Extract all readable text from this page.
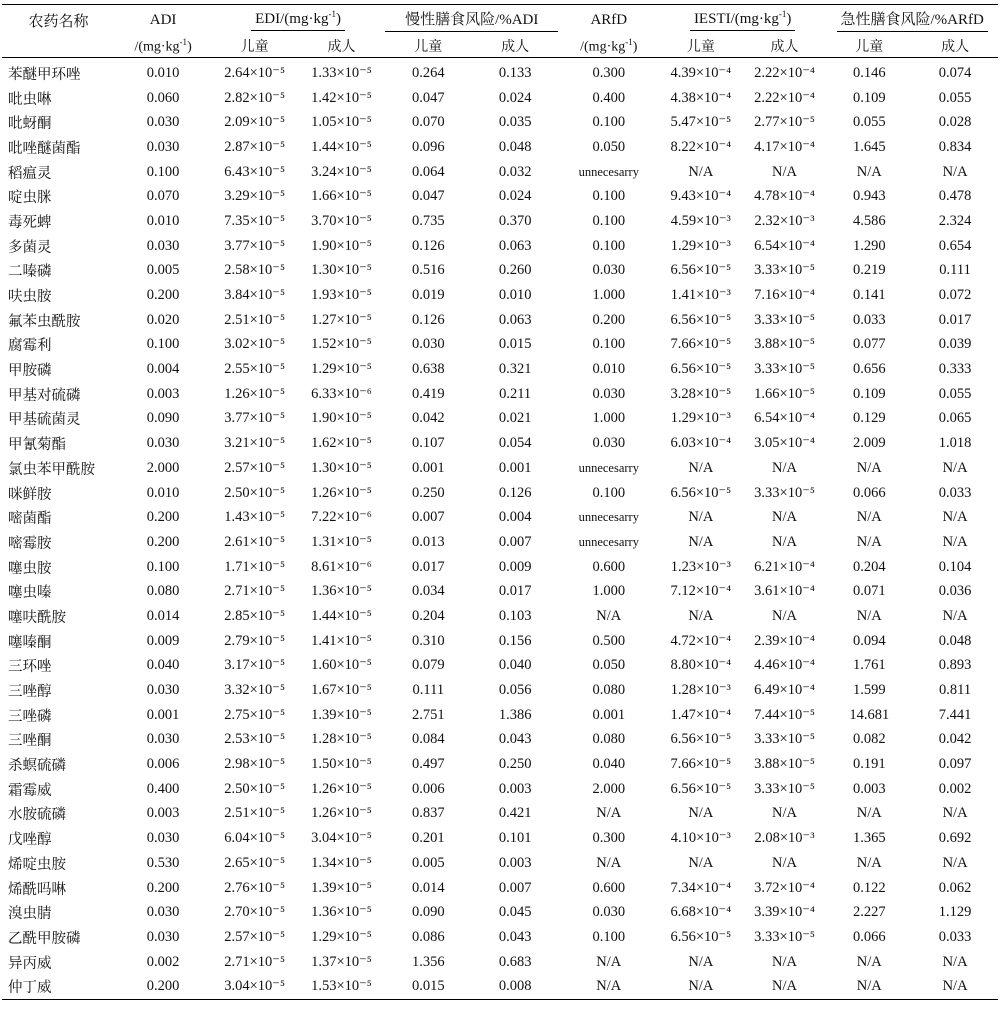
农药名称	ADI	EDI/$(mg\cdot kg^{-1})$		慢性膳食风险/%ADI		ARfD	IESTI/$(mg\cdot kg^{-1})$		急性膳食风险/%ARfD	
	$/(mg\cdot kg^{-1})$	儿童	成人	儿童	成人	$/(mg\cdot kg^{-1})$	儿童	成人	儿童	成人
苯醚甲环唑	0.010	2.64×10⁻⁵	1.33×10⁻⁵	0.264	0.133	0.300	4.39×10⁻⁴	2.22×10⁻⁴	0.146	0.074
吡虫啉	0.060	2.82×10⁻⁵	1.42×10⁻⁵	0.047	0.024	0.400	4.38×10⁻⁴	2.22×10⁻⁴	0.109	0.055
吡蚜酮	0.030	2.09×10⁻⁵	1.05×10⁻⁵	0.070	0.035	0.100	5.47×10⁻⁵	2.77×10⁻⁵	0.055	0.028
吡唑醚菌酯	0.030	2.87×10⁻⁵	1.44×10⁻⁵	0.096	0.048	0.050	8.22×10⁻⁴	4.17×10⁻⁴	1.645	0.834
稻瘟灵	0.100	6.43×10⁻⁵	3.24×10⁻⁵	0.064	0.032	unnecesarry	N/A	N/A	N/A	N/A
啶虫脒	0.070	3.29×10⁻⁵	1.66×10⁻⁵	0.047	0.024	0.100	9.43×10⁻⁴	4.78×10⁻⁴	0.943	0.478
毒死蜱	0.010	7.35×10⁻⁵	3.70×10⁻⁵	0.735	0.370	0.100	4.59×10⁻³	2.32×10⁻³	4.586	2.324
多菌灵	0.030	3.77×10⁻⁵	1.90×10⁻⁵	0.126	0.063	0.100	1.29×10⁻³	6.54×10⁻⁴	1.290	0.654
二嗪磷	0.005	2.58×10⁻⁵	1.30×10⁻⁵	0.516	0.260	0.030	6.56×10⁻⁵	3.33×10⁻⁵	0.219	0.111
呋虫胺	0.200	3.84×10⁻⁵	1.93×10⁻⁵	0.019	0.010	1.000	1.41×10⁻³	7.16×10⁻⁴	0.141	0.072
氟苯虫酰胺	0.020	2.51×10⁻⁵	1.27×10⁻⁵	0.126	0.063	0.200	6.56×10⁻⁵	3.33×10⁻⁵	0.033	0.017
腐霉利	0.100	3.02×10⁻⁵	1.52×10⁻⁵	0.030	0.015	0.100	7.66×10⁻⁵	3.88×10⁻⁵	0.077	0.039
甲胺磷	0.004	2.55×10⁻⁵	1.29×10⁻⁵	0.638	0.321	0.010	6.56×10⁻⁵	3.33×10⁻⁵	0.656	0.333
甲基对硫磷	0.003	1.26×10⁻⁵	6.33×10⁻⁶	0.419	0.211	0.030	3.28×10⁻⁵	1.66×10⁻⁵	0.109	0.055
甲基硫菌灵	0.090	3.77×10⁻⁵	1.90×10⁻⁵	0.042	0.021	1.000	1.29×10⁻³	6.54×10⁻⁴	0.129	0.065
甲氰菊酯	0.030	3.21×10⁻⁵	1.62×10⁻⁵	0.107	0.054	0.030	6.03×10⁻⁴	3.05×10⁻⁴	2.009	1.018
氯虫苯甲酰胺	2.000	2.57×10⁻⁵	1.30×10⁻⁵	0.001	0.001	unnecesarry	N/A	N/A	N/A	N/A
咪鲜胺	0.010	2.50×10⁻⁵	1.26×10⁻⁵	0.250	0.126	0.100	6.56×10⁻⁵	3.33×10⁻⁵	0.066	0.033
嘧菌酯	0.200	1.43×10⁻⁵	7.22×10⁻⁶	0.007	0.004	unnecesarry	N/A	N/A	N/A	N/A
嘧霉胺	0.200	2.61×10⁻⁵	1.31×10⁻⁵	0.013	0.007	unnecesarry	N/A	N/A	N/A	N/A
噻虫胺	0.100	1.71×10⁻⁵	8.61×10⁻⁶	0.017	0.009	0.600	1.23×10⁻³	6.21×10⁻⁴	0.204	0.104
噻虫嗪	0.080	2.71×10⁻⁵	1.36×10⁻⁵	0.034	0.017	1.000	7.12×10⁻⁴	3.61×10⁻⁴	0.071	0.036
噻呋酰胺	0.014	2.85×10⁻⁵	1.44×10⁻⁵	0.204	0.103	N/A	N/A	N/A	N/A	N/A
噻嗪酮	0.009	2.79×10⁻⁵	1.41×10⁻⁵	0.310	0.156	0.500	4.72×10⁻⁴	2.39×10⁻⁴	0.094	0.048
三环唑	0.040	3.17×10⁻⁵	1.60×10⁻⁵	0.079	0.040	0.050	8.80×10⁻⁴	4.46×10⁻⁴	1.761	0.893
三唑醇	0.030	3.32×10⁻⁵	1.67×10⁻⁵	0.111	0.056	0.080	1.28×10⁻³	6.49×10⁻⁴	1.599	0.811
三唑磷	0.001	2.75×10⁻⁵	1.39×10⁻⁵	2.751	1.386	0.001	1.47×10⁻⁴	7.44×10⁻⁵	14.681	7.441
三唑酮	0.030	2.53×10⁻⁵	1.28×10⁻⁵	0.084	0.043	0.080	6.56×10⁻⁵	3.33×10⁻⁵	0.082	0.042
杀螟硫磷	0.006	2.98×10⁻⁵	1.50×10⁻⁵	0.497	0.250	0.040	7.66×10⁻⁵	3.88×10⁻⁵	0.191	0.097
霜霉威	0.400	2.50×10⁻⁵	1.26×10⁻⁵	0.006	0.003	2.000	6.56×10⁻⁵	3.33×10⁻⁵	0.003	0.002
水胺硫磷	0.003	2.51×10⁻⁵	1.26×10⁻⁵	0.837	0.421	N/A	N/A	N/A	N/A	N/A
戊唑醇	0.030	6.04×10⁻⁵	3.04×10⁻⁵	0.201	0.101	0.300	4.10×10⁻³	2.08×10⁻³	1.365	0.692
烯啶虫胺	0.530	2.65×10⁻⁵	1.34×10⁻⁵	0.005	0.003	N/A	N/A	N/A	N/A	N/A
烯酰吗啉	0.200	2.76×10⁻⁵	1.39×10⁻⁵	0.014	0.007	0.600	7.34×10⁻⁴	3.72×10⁻⁴	0.122	0.062
溴虫腈	0.030	2.70×10⁻⁵	1.36×10⁻⁵	0.090	0.045	0.030	6.68×10⁻⁴	3.39×10⁻⁴	2.227	1.129
乙酰甲胺磷	0.030	2.57×10⁻⁵	1.29×10⁻⁵	0.086	0.043	0.100	6.56×10⁻⁵	3.33×10⁻⁵	0.066	0.033
异丙威	0.002	2.71×10⁻⁵	1.37×10⁻⁵	1.356	0.683	N/A	N/A	N/A	N/A	N/A
仲丁威	0.200	3.04×10⁻⁵	1.53×10⁻⁵	0.015	0.008	N/A	N/A	N/A	N/A	N/A
